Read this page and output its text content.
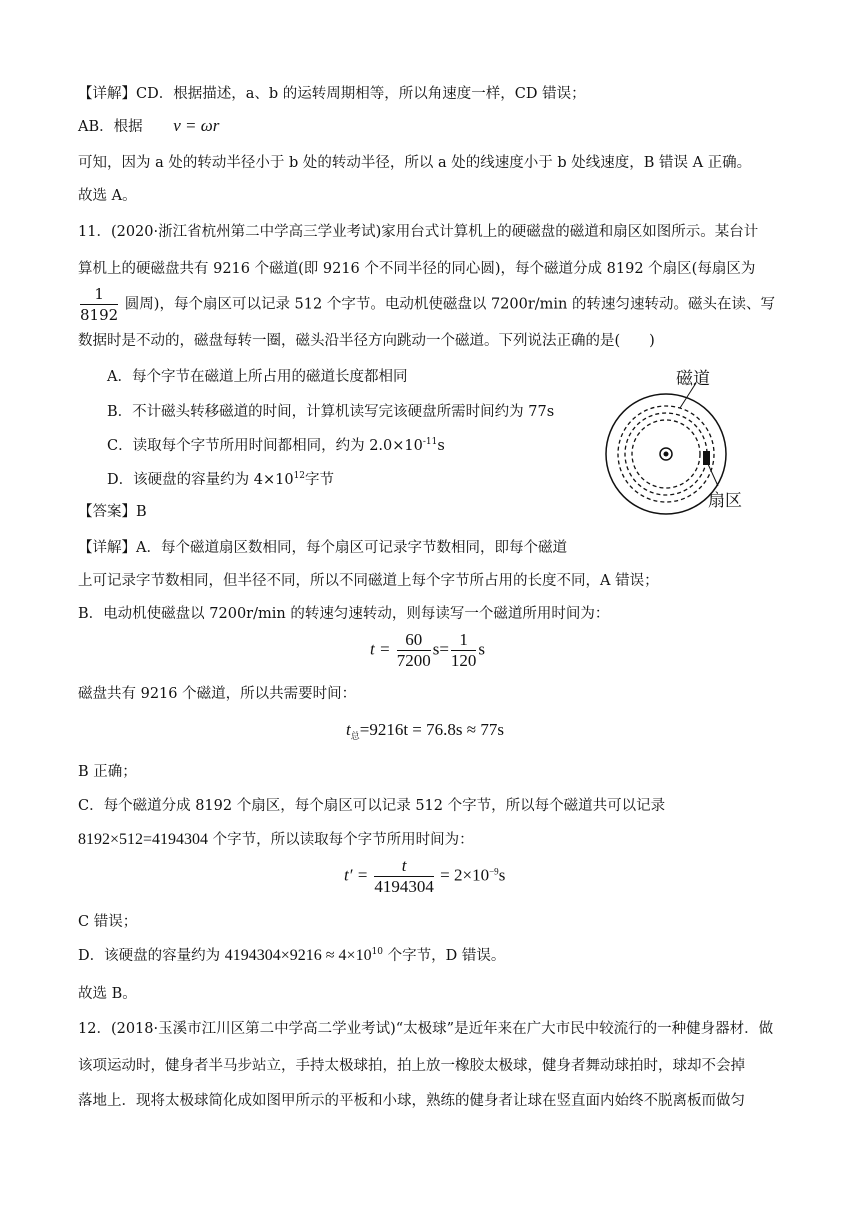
【详解】CD．根据描述，a、b 的运转周期相等，所以角速度一样，CD 错误；
AB．根据 v = ωr
可知，因为 a 处的转动半径小于 b 处的转动半径，所以 a 处的线速度小于 b 处线速度，B 错误 A 正确。
故选 A。
11．(2020·浙江省杭州第二中学高三学业考试)家用台式计算机上的硬磁盘的磁道和扇区如图所示。某台计
算机上的硬磁盘共有 9216 个磁道(即 9216 个不同半径的同心圆)，每个磁道分成 8192 个扇区(每扇区为
$\frac{1}{8192}$ 圆周)，每个扇区可以记录 512 个字节。电动机使磁盘以 7200r/min 的转速匀速转动。磁头在读、写
数据时是不动的，磁盘每转一圈，磁头沿半径方向跳动一个磁道。下列说法正确的是(　　)
A．每个字节在磁道上所占用的磁道长度都相同
B．不计磁头转移磁道的时间，计算机读写完该硬盘所需时间约为 77s
C．读取每个字节所用时间都相同，约为 $2.0\times 10^{-11}s$
D．该硬盘的容量约为 $4\times 10^{12}$字节
磁道
扇区
【答案】B
【详解】A．每个磁道扇区数相同，每个扇区可记录字节数相同，即每个磁道
上可记录字节数相同，但半径不同，所以不同磁道上每个字节所占用的长度不同，A 错误；
B．电动机使磁盘以 7200r/min 的转速匀速转动，则每读写一个磁道所用时间为：
$t = \frac{60}{7200} s= \frac{1}{120}$ s
磁盘共有 9216 个磁道，所以共需要时间：
$t_总=9216t = 76.8s \approx 77s$
B 正确；
C．每个磁道分成 8192 个扇区，每个扇区可以记录 512 个字节，所以每个磁道共可以记录
8192×512=4194304 个字节，所以读取每个字节所用时间为：
$t' = \frac{t}{4194304} = 2\times 10^{-9}s$
C 错误；
D．该硬盘的容量约为 $4194304\times 9216 \approx 4\times 10^{10}$ 个字节，D 错误。
故选 B。
12．(2018·玉溪市江川区第二中学高二学业考试)“太极球”是近年来在广大市民中较流行的一种健身器材．做
该项运动时，健身者半马步站立，手持太极球拍，拍上放一橡胶太极球，健身者舞动球拍时，球却不会掉
落地上．现将太极球简化成如图甲所示的平板和小球，熟练的健身者让球在竖直面内始终不脱离板而做匀
